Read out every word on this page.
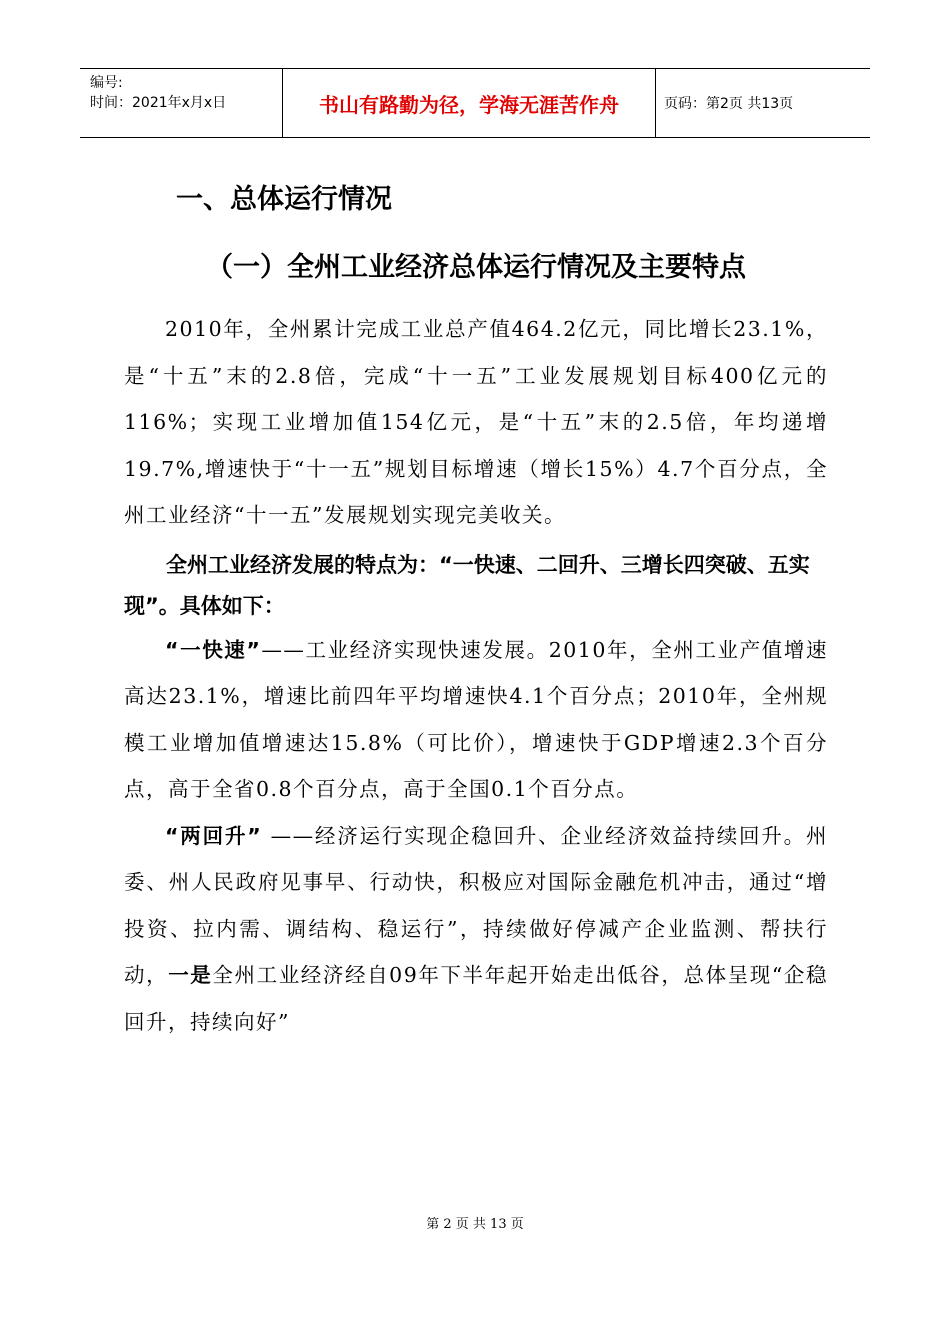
编号:
时间：2021年x月x日	书山有路勤为径，学海无涯苦作舟	页码：第2页 共13页
一、总体运行情况
（一）全州工业经济总体运行情况及主要特点

2010年，全州累计完成工业总产值464.2亿元，同比增长23.1%，是“十五”末的2.8倍，完成“十一五”工业发展规划目标400亿元的116%；实现工业增加值154亿元，是“十五”末的2.5倍，年均递增19.7%,增速快于“十一五”规划目标增速（增长15%）4.7个百分点，全州工业经济“十一五”发展规划实现完美收关。

全州工业经济发展的特点为：“一快速、二回升、三增长四突破、五实现”。具体如下：

“一快速”——工业经济实现快速发展。2010年，全州工业产值增速高达23.1%，增速比前四年平均增速快4.1个百分点；2010年，全州规模工业增加值增速达15.8%（可比价），增速快于GDP增速2.3个百分点，高于全省0.8个百分点，高于全国0.1个百分点。

“两回升” ——经济运行实现企稳回升、企业经济效益持续回升。州委、州人民政府见事早、行动快，积极应对国际金融危机冲击，通过“增投资、拉内需、调结构、稳运行”，持续做好停减产企业监测、帮扶行动，一是全州工业经济经自09年下半年起开始走出低谷，总体呈现“企稳回升，持续向好”

第 2 页 共 13 页
